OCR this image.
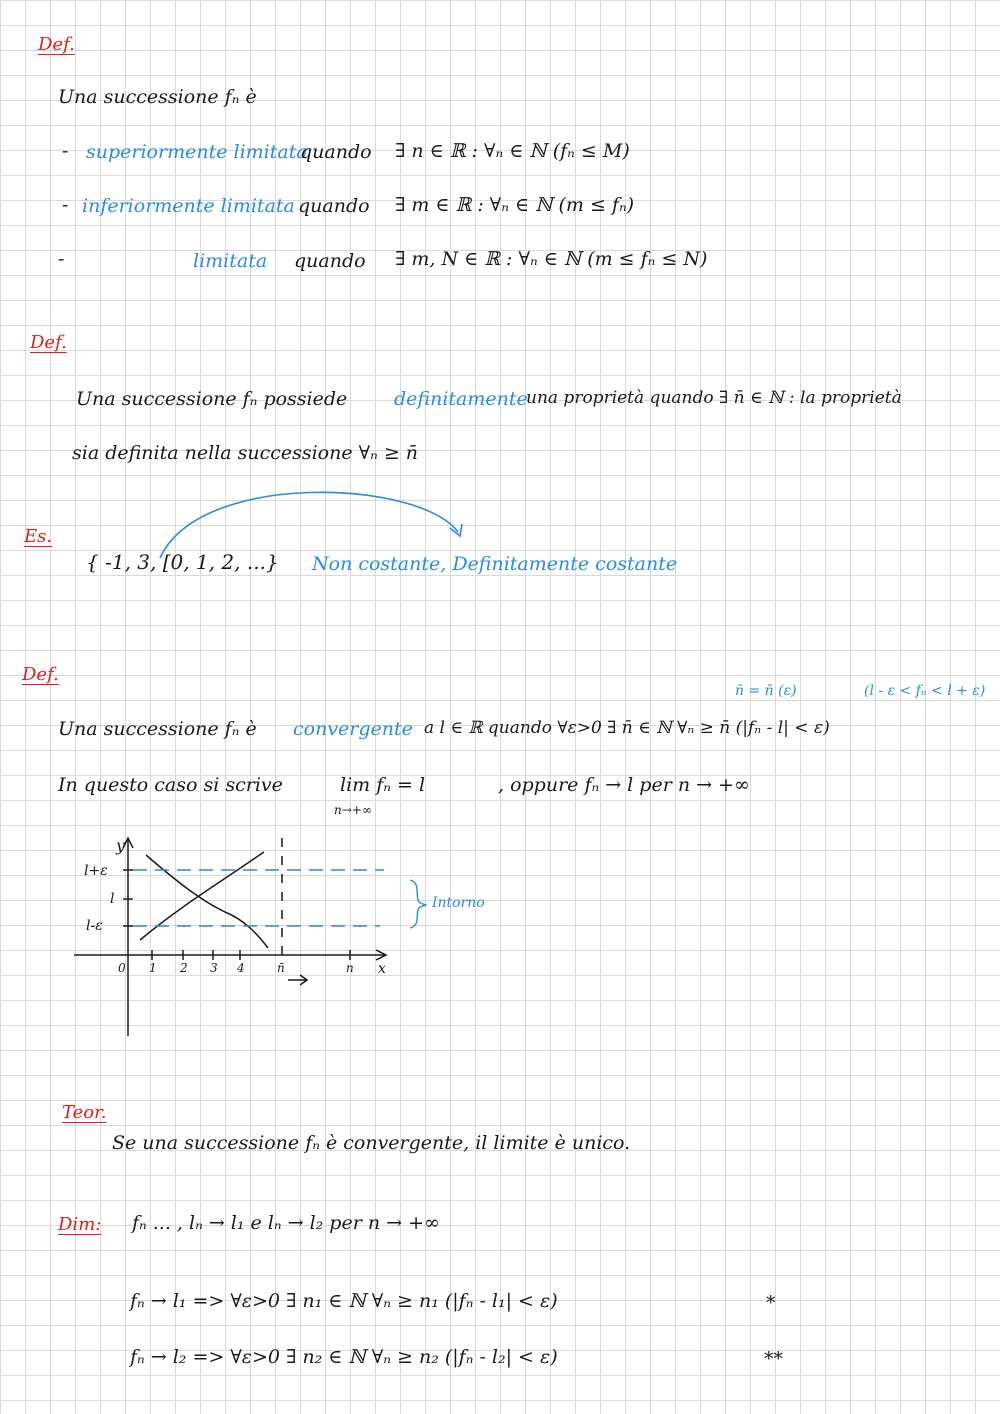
Def.
Una successione fₙ è
- superiormente limitata
quando ∃ n ∈ ℝ : ∀ₙ ∈ ℕ (fₙ ≤ M)
- inferiormente limitata quando ∃ m ∈ ℝ : ∀ₙ ∈ ℕ (m ≤ fₙ)
-	limitata quando ∃ m, N ∈ ℝ : ∀ₙ ∈ ℕ (m ≤ fₙ ≤ N)
Def.
Una successione fₙ possiede definitamente
una proprietà quando ∃ n̄ ∈ ℕ : la proprietà
sia definita nella successione ∀ₙ ≥ n̄
Es.
{ -1, 3, [0, 1, 2, ...} Non costante, Definitamente costante
Def.
n̄ = n̄ (ε)	(l - ε < fₙ < l + ε)
Una successione fₙ è convergente a l ∈ ℝ quando ∀ε>0 ∃ n̄ ∈ ℕ ∀ₙ ≥ n̄ (|fₙ - l| < ε)
In questo caso si scrive	lim fₙ = l
n→+∞
, oppure fₙ → l per n → +∞
y
x
l+ε
l
l-ε
0 1 2 3 4	n̄	n
Intorno
Teor.
Se una successione fₙ è convergente, il limite è unico.
Dim: fₙ ... , lₙ → l₁ e lₙ → l₂ per n → +∞
fₙ → l₁ => ∀ε>0 ∃ n₁ ∈ ℕ ∀ₙ ≥ n₁ (|fₙ - l₁| < ε)	*
fₙ → l₂ => ∀ε>0 ∃ n₂ ∈ ℕ ∀ₙ ≥ n₂ (|fₙ - l₂| < ε)	**
